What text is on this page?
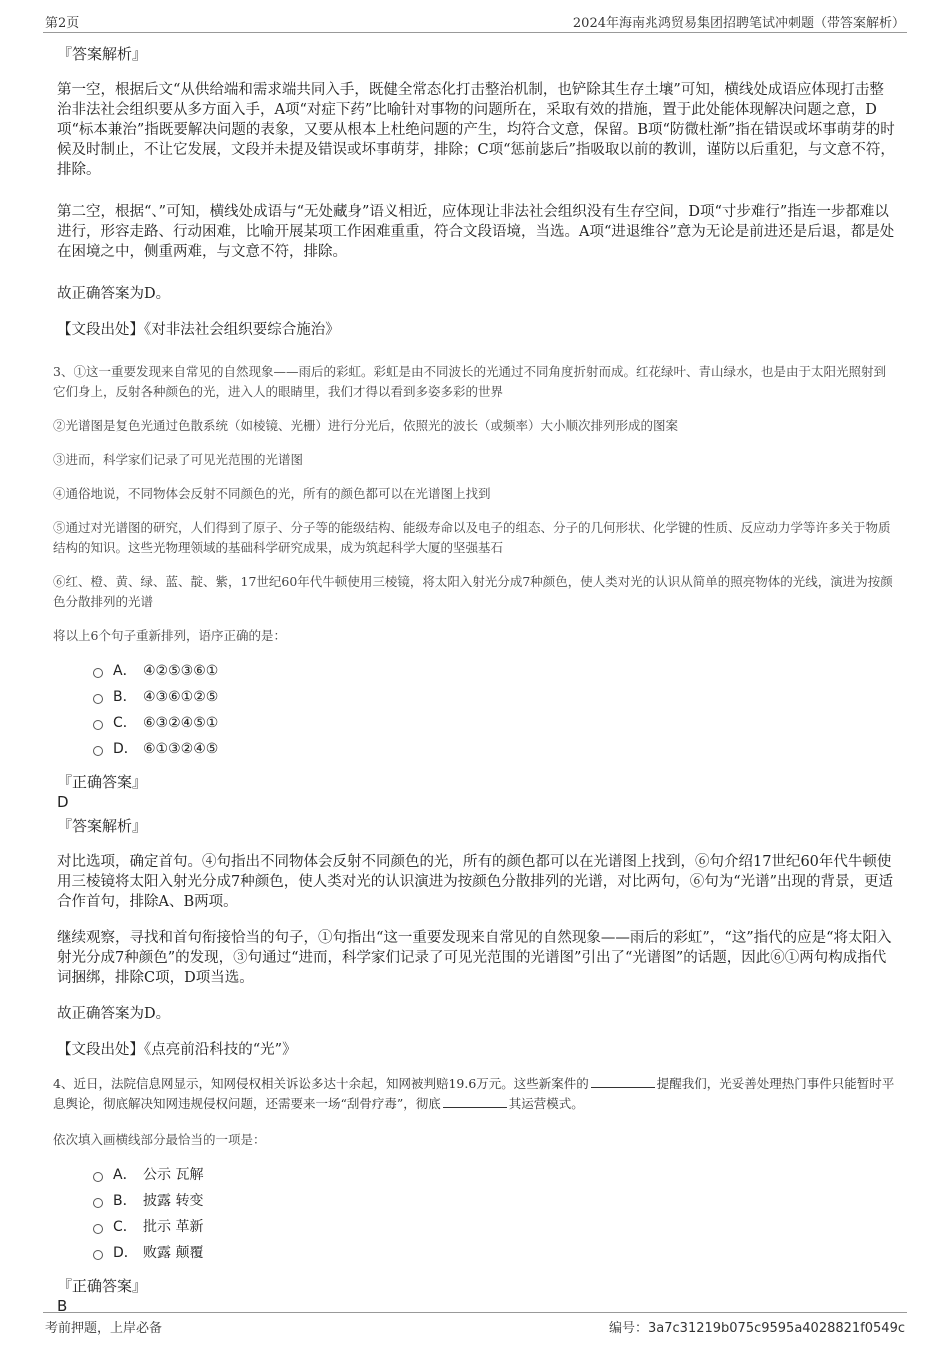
第2页	2024年海南兆鸿贸易集团招聘笔试冲刺题（带答案解析）

『答案解析』

第一空，根据后文“从供给端和需求端共同入手，既健全常态化打击整治机制，也铲除其生存土壤”可知，横线处成语应体现打击整治非法社会组织要从多方面入手，A项“对症下药”比喻针对事物的问题所在，采取有效的措施，置于此处能体现解决问题之意，D项“标本兼治”指既要解决问题的表象，又要从根本上杜绝问题的产生，均符合文意，保留。B项“防微杜渐”指在错误或坏事萌芽的时候及时制止，不让它发展，文段并未提及错误或坏事萌芽，排除；C项“惩前毖后”指吸取以前的教训，谨防以后重犯，与文意不符，排除。

第二空，根据“、”可知，横线处成语与“无处藏身”语义相近，应体现让非法社会组织没有生存空间，D项“寸步难行”指连一步都难以进行，形容走路、行动困难，比喻开展某项工作困难重重，符合文段语境，当选。A项“进退维谷”意为无论是前进还是后退，都是处在困境之中，侧重两难，与文意不符，排除。

故正确答案为D。

【文段出处】《对非法社会组织要综合施治》

3、①这一重要发现来自常见的自然现象——雨后的彩虹。彩虹是由不同波长的光通过不同角度折射而成。红花绿叶、青山绿水，也是由于太阳光照射到它们身上，反射各种颜色的光，进入人的眼睛里，我们才得以看到多姿多彩的世界

②光谱图是复色光通过色散系统（如棱镜、光栅）进行分光后，依照光的波长（或频率）大小顺次排列形成的图案

③进而，科学家们记录了可见光范围的光谱图

④通俗地说，不同物体会反射不同颜色的光，所有的颜色都可以在光谱图上找到

⑤通过对光谱图的研究，人们得到了原子、分子等的能级结构、能级寿命以及电子的组态、分子的几何形状、化学键的性质、反应动力学等许多关于物质结构的知识。这些光物理领域的基础科学研究成果，成为筑起科学大厦的坚强基石

⑥红、橙、黄、绿、蓝、靛、紫，17世纪60年代牛顿使用三棱镜，将太阳入射光分成7种颜色，使人类对光的认识从简单的照亮物体的光线，演进为按颜色分散排列的光谱

将以上6个句子重新排列，语序正确的是：

A． ④②⑤③⑥①
B． ④③⑥①②⑤
C． ⑥③②④⑤①
D． ⑥①③②④⑤

『正确答案』

D

『答案解析』

对比选项，确定首句。④句指出不同物体会反射不同颜色的光，所有的颜色都可以在光谱图上找到，⑥句介绍17世纪60年代牛顿使用三棱镜将太阳入射光分成7种颜色，使人类对光的认识演进为按颜色分散排列的光谱，对比两句，⑥句为“光谱”出现的背景，更适合作首句，排除A、B两项。

继续观察，寻找和首句衔接恰当的句子，①句指出“这一重要发现来自常见的自然现象——雨后的彩虹”，“这”指代的应是“将太阳入射光分成7种颜色”的发现，③句通过“进而，科学家们记录了可见光范围的光谱图”引出了“光谱图”的话题，因此⑥①两句构成指代词捆绑，排除C项，D项当选。

故正确答案为D。

【文段出处】《点亮前沿科技的“光”》

4、近日，法院信息网显示，知网侵权相关诉讼多达十余起，知网被判赔19.6万元。这些新案件的	提醒我们，光妥善处理热门事件只能暂时平息舆论，彻底解决知网违规侵权问题，还需要来一场“刮骨疗毒”，彻底	其运营模式。

依次填入画横线部分最恰当的一项是：

A． 公示 瓦解
B． 披露 转变
C． 批示 革新
D． 败露 颠覆

『正确答案』

B

考前押题，上岸必备	编号：3a7c31219b075c9595a4028821f0549c
